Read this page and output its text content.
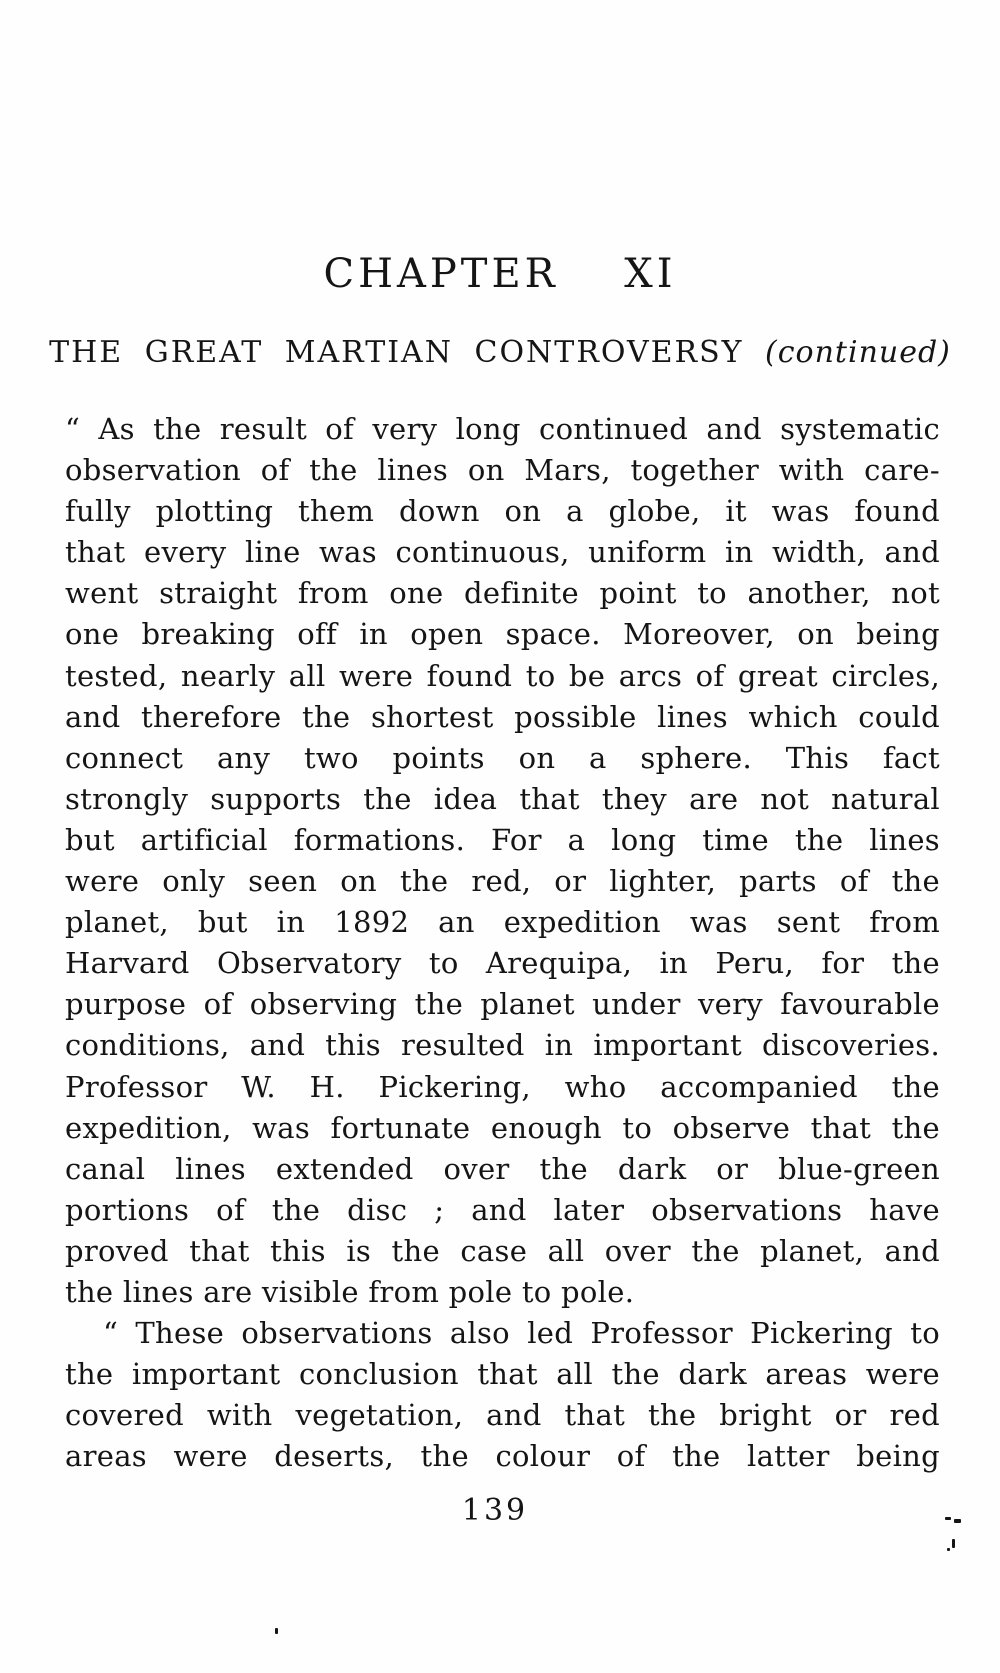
CHAPTER  XI
THE GREAT MARTIAN CONTROVERSY (continued)
“ As the result of very long continued and systematic
observation of the lines on Mars, together with care-
fully plotting them down on a globe, it was found
that every line was continuous, uniform in width, and
went straight from one definite point to another, not
one breaking off in open space. Moreover, on being
tested, nearly all were found to be arcs of great circles,
and therefore the shortest possible lines which could
connect any two points on a sphere. This fact
strongly supports the idea that they are not natural
but artificial formations. For a long time the lines
were only seen on the red, or lighter, parts of the
planet, but in 1892 an expedition was sent from
Harvard Observatory to Arequipa, in Peru, for the
purpose of observing the planet under very favourable
conditions, and this resulted in important discoveries.
Professor W. H. Pickering, who accompanied the
expedition, was fortunate enough to observe that the
canal lines extended over the dark or blue-green
portions of the disc ; and later observations have
proved that this is the case all over the planet, and
the lines are visible from pole to pole.
“ These observations also led Professor Pickering to
the important conclusion that all the dark areas were
covered with vegetation, and that the bright or red
areas were deserts, the colour of the latter being
139
